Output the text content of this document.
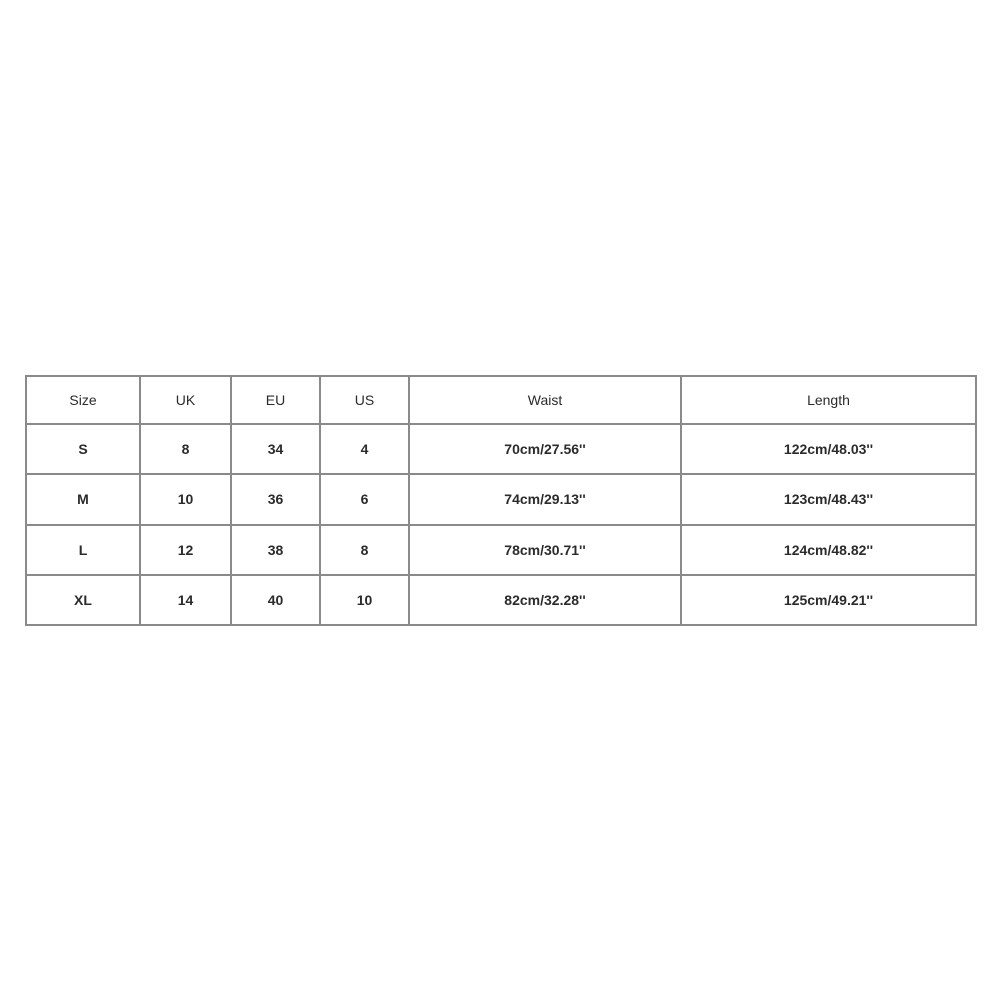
Size	UK	EU	US	Waist	Length
S	8	34	4	70cm/27.56''	122cm/48.03''
M	10	36	6	74cm/29.13''	123cm/48.43''
L	12	38	8	78cm/30.71''	124cm/48.82''
XL	14	40	10	82cm/32.28''	125cm/49.21''
